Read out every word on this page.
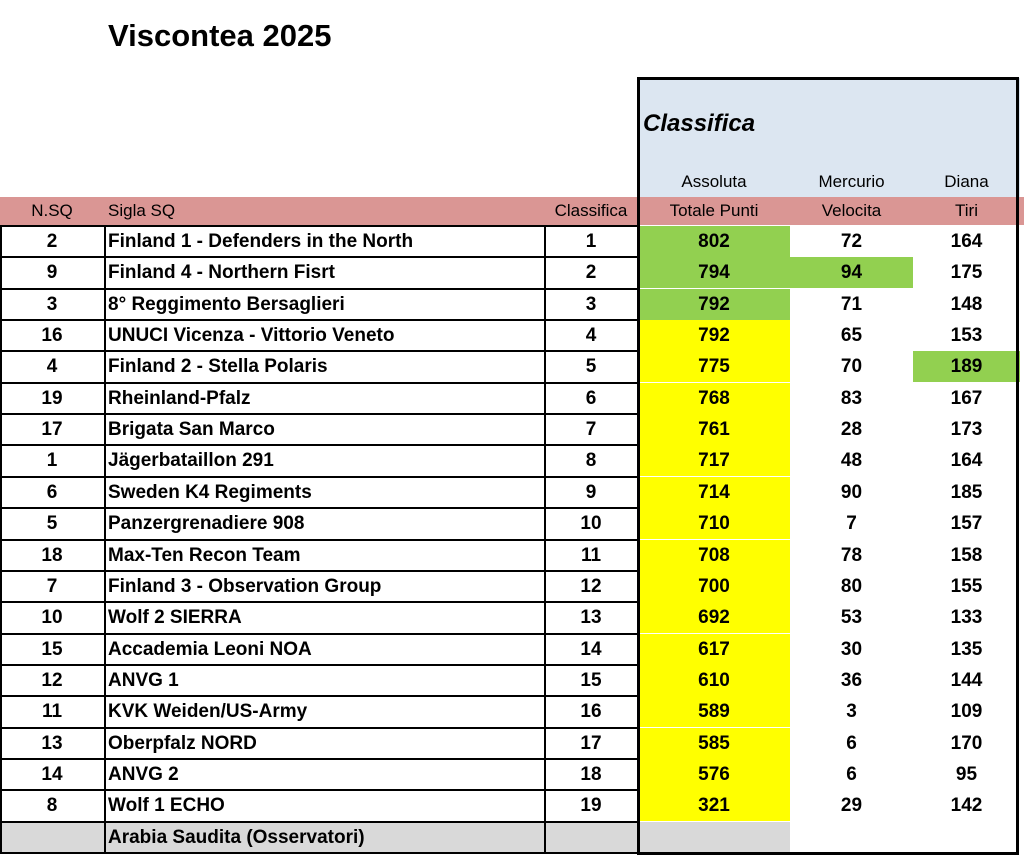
Viscontea 2025
Classifica
Assoluta	Mercurio	Diana
N.SQ	Sigla SQ	Classifica	Totale Punti	Velocita	Tiri
2	Finland 1 - Defenders in the North	1	802	72	164
9	Finland 4 - Northern Fisrt	2	794	94	175
3	8° Reggimento Bersaglieri	3	792	71	148
16	UNUCI Vicenza - Vittorio Veneto	4	792	65	153
4	Finland 2 - Stella Polaris	5	775	70	189
19	Rheinland-Pfalz	6	768	83	167
17	Brigata San Marco	7	761	28	173
1	Jägerbataillon 291	8	717	48	164
6	Sweden K4 Regiments	9	714	90	185
5	Panzergrenadiere 908	10	710	7	157
18	Max-Ten Recon Team	11	708	78	158
7	Finland 3 - Observation Group	12	700	80	155
10	Wolf 2 SIERRA	13	692	53	133
15	Accademia Leoni NOA	14	617	30	135
12	ANVG 1	15	610	36	144
11	KVK Weiden/US-Army	16	589	3	109
13	Oberpfalz NORD	17	585	6	170
14	ANVG 2	18	576	6	95
8	Wolf 1 ECHO	19	321	29	142
Arabia Saudita (Osservatori)
